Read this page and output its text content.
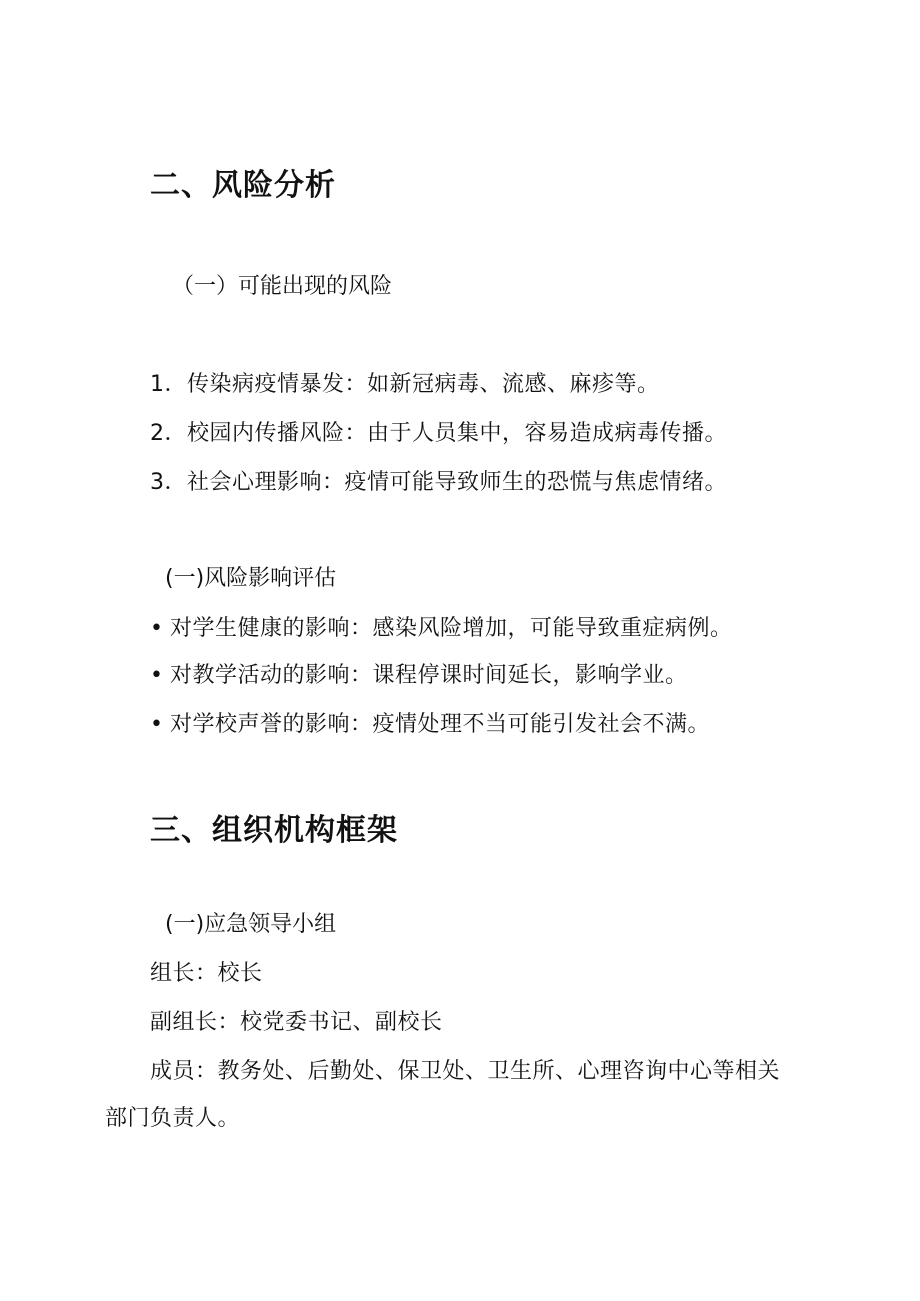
二、风险分析
（一）可能出现的风险
1．传染病疫情暴发：如新冠病毒、流感、麻疹等。
2．校园内传播风险：由于人员集中，容易造成病毒传播。
3．社会心理影响：疫情可能导致师生的恐慌与焦虑情绪。
(一)风险影响评估
• 对学生健康的影响：感染风险增加，可能导致重症病例。
• 对教学活动的影响：课程停课时间延长，影响学业。
• 对学校声誉的影响：疫情处理不当可能引发社会不满。
三、组织机构框架
(一)应急领导小组
组长：校长
副组长：校党委书记、副校长
成员：教务处、后勤处、保卫处、卫生所、心理咨询中心等相关
部门负责人。
